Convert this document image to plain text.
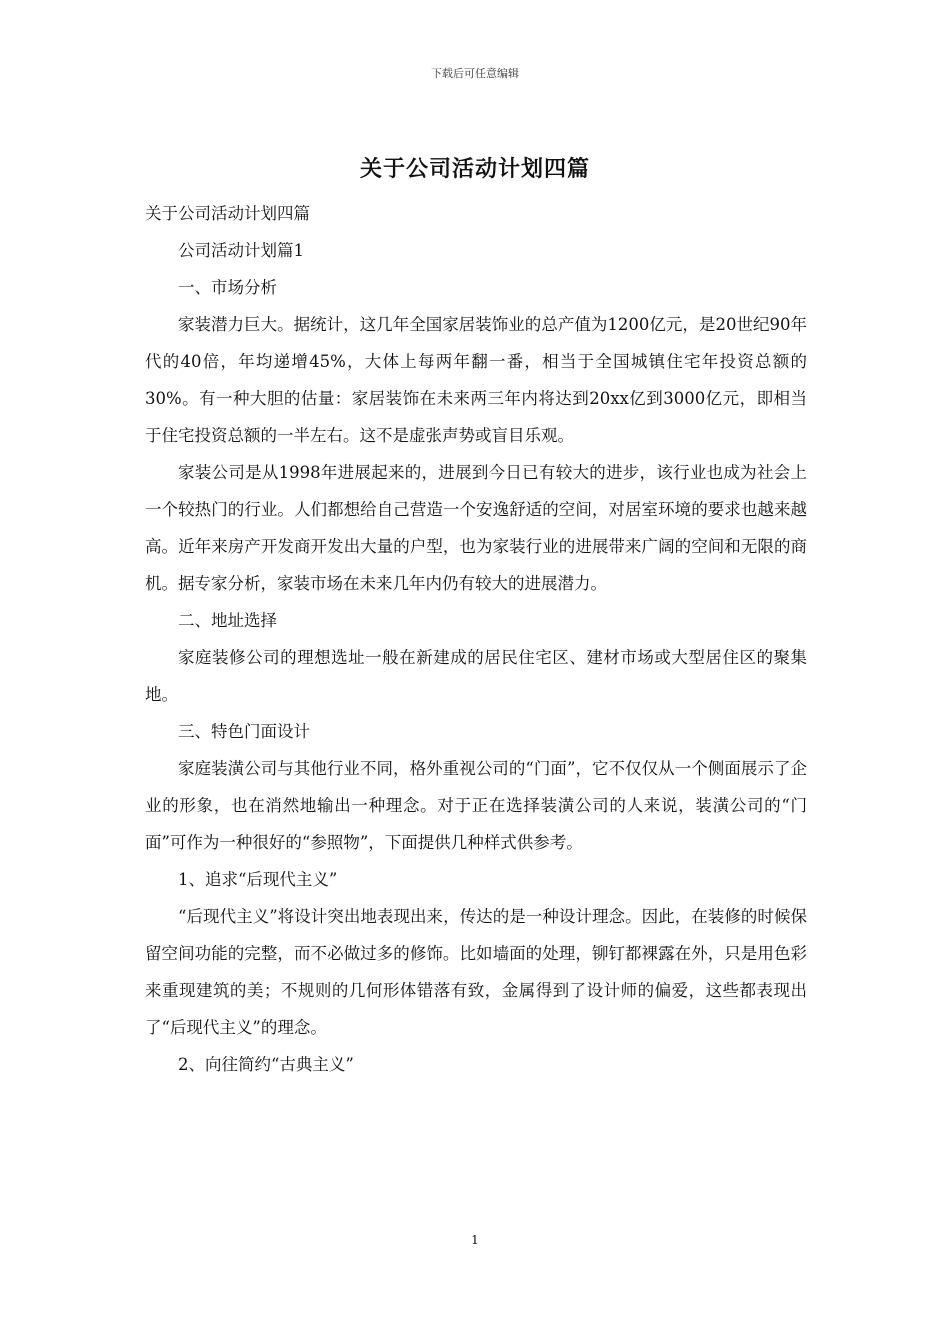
下载后可任意编辑
关于公司活动计划四篇

关于公司活动计划四篇

公司活动计划篇1

一、市场分析

家装潜力巨大。据统计，这几年全国家居装饰业的总产值为1200亿元，是20世纪90年代的40倍，年均递增45%，大体上每两年翻一番，相当于全国城镇住宅年投资总额的30%。有一种大胆的估量：家居装饰在未来两三年内将达到20xx亿到3000亿元，即相当于住宅投资总额的一半左右。这不是虚张声势或盲目乐观。

家装公司是从1998年进展起来的，进展到今日已有较大的进步，该行业也成为社会上一个较热门的行业。人们都想给自己营造一个安逸舒适的空间，对居室环境的要求也越来越高。近年来房产开发商开发出大量的户型，也为家装行业的进展带来广阔的空间和无限的商机。据专家分析，家装市场在未来几年内仍有较大的进展潜力。

二、地址选择

家庭装修公司的理想选址一般在新建成的居民住宅区、建材市场或大型居住区的聚集地。

三、特色门面设计

家庭装潢公司与其他行业不同，格外重视公司的“门面”，它不仅仅从一个侧面展示了企业的形象，也在消然地输出一种理念。对于正在选择装潢公司的人来说，装潢公司的“门面”可作为一种很好的“参照物”，下面提供几种样式供参考。

1、追求“后现代主义”

“后现代主义”将设计突出地表现出来，传达的是一种设计理念。因此，在装修的时候保留空间功能的完整，而不必做过多的修饰。比如墙面的处理，铆钉都裸露在外，只是用色彩来重现建筑的美；不规则的几何形体错落有致，金属得到了设计师的偏爱，这些都表现出了“后现代主义”的理念。

2、向往简约“古典主义”

1
